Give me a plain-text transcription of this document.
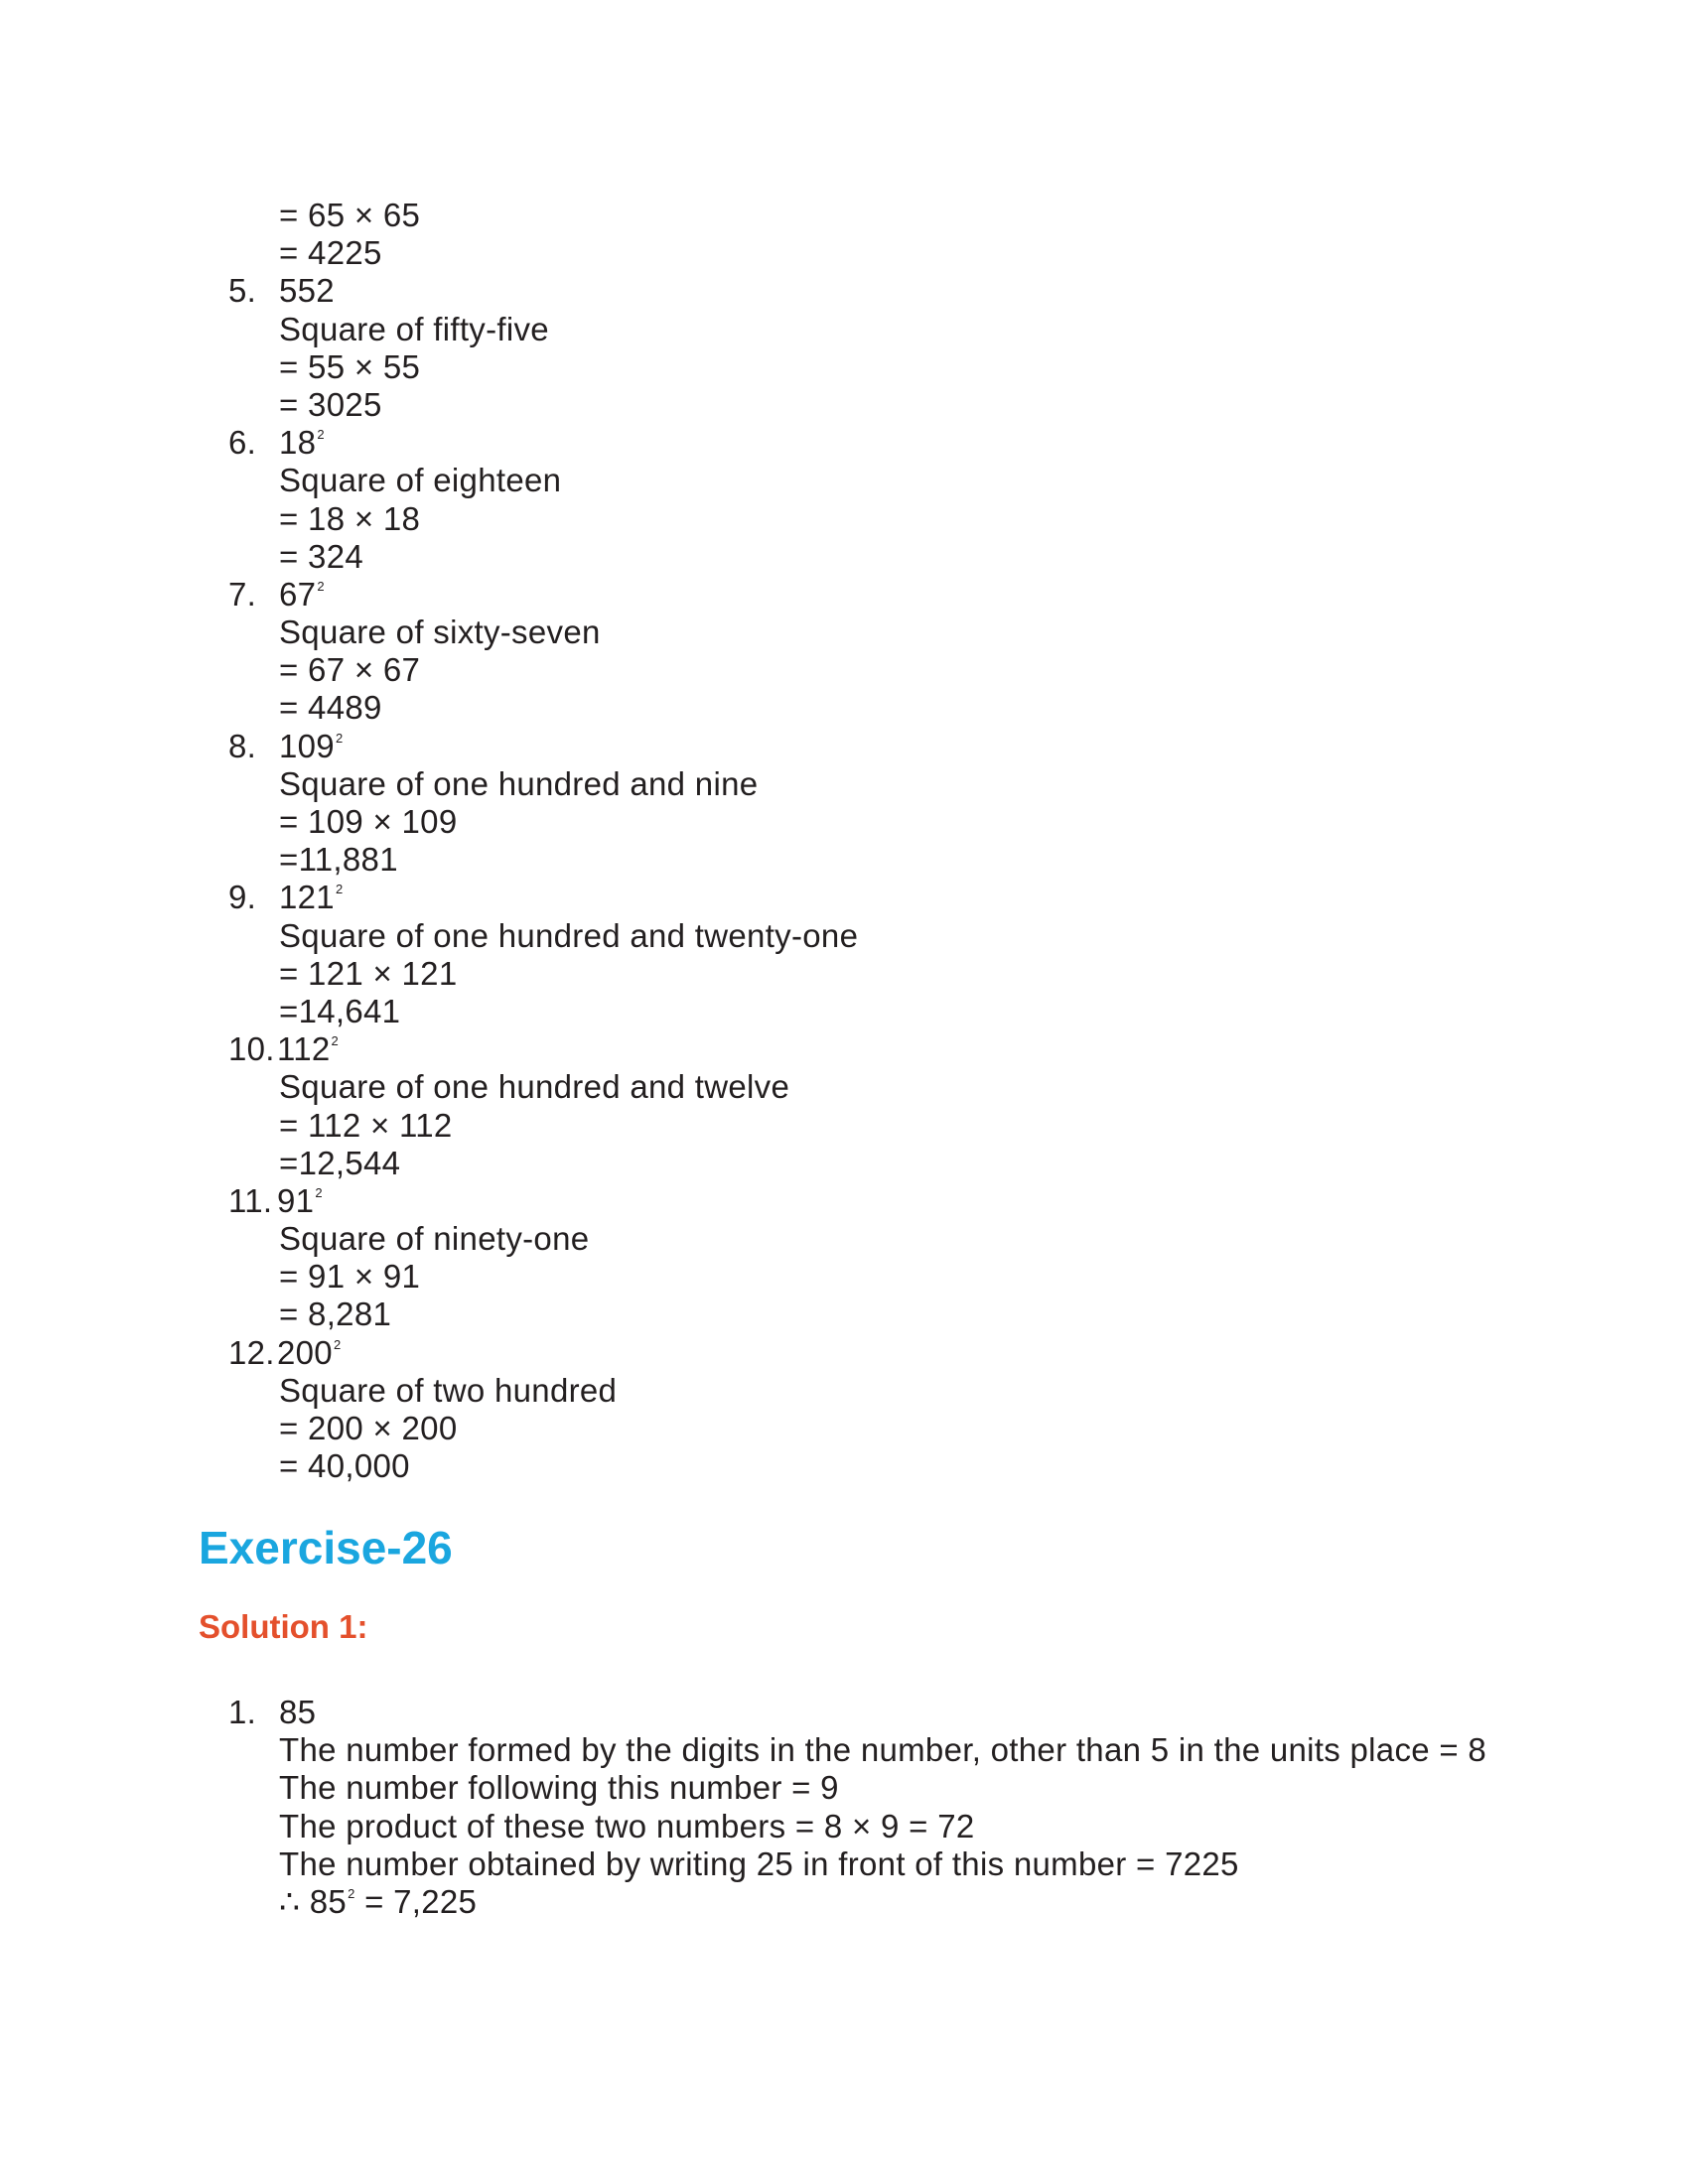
= 65 × 65
= 4225
5. 552
Square of fifty-five
= 55 × 55
= 3025
6. $18^2$
Square of eighteen
= 18 × 18
= 324
7. $67^2$
Square of sixty-seven
= 67 × 67
= 4489
8. $109^2$
Square of one hundred and nine
= 109 × 109
=11,881
9. $121^2$
Square of one hundred and twenty-one
= 121 × 121
=14,641
10. $112^2$
Square of one hundred and twelve
= 112 × 112
=12,544
11. $91^2$
Square of ninety-one
= 91 × 91
= 8,281
12. $200^2$
Square of two hundred
= 200 × 200
= 40,000
Exercise-26
Solution 1:
1. 85
The number formed by the digits in the number, other than 5 in the units place = 8
The number following this number = 9
The product of these two numbers = 8 × 9 = 72
The number obtained by writing 25 in front of this number = 7225
∴ $85^2 = 7,225$
